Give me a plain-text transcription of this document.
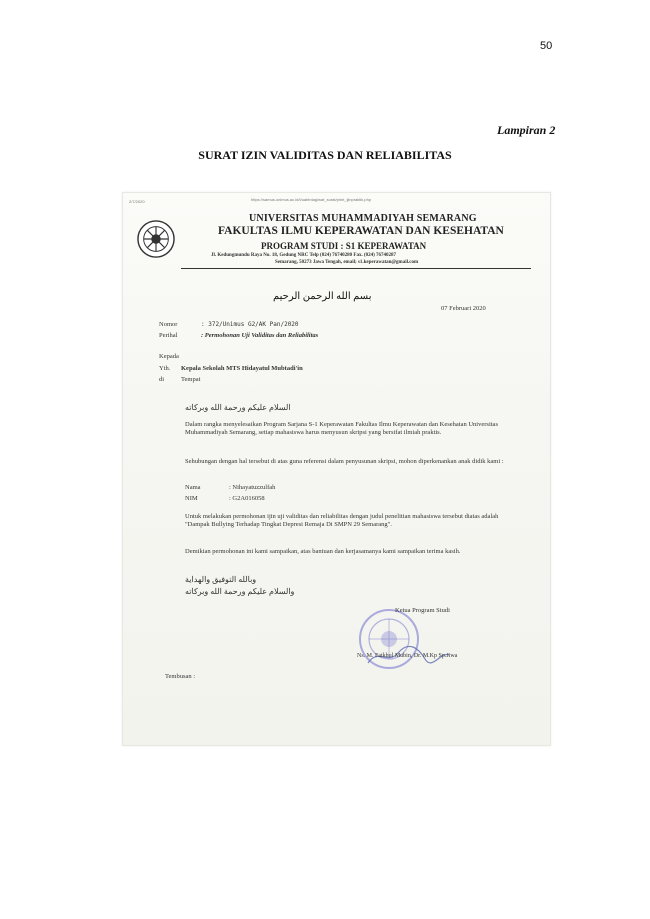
50
Lampiran 2
SURAT IZIN VALIDITAS DAN RELIABILITAS
2/7/2020	https://samus.unimus.ac.id/t/uabtniag/wat_surat/print_ijinpraktik.php
UNIVERSITAS MUHAMMADIYAH SEMARANG
FAKULTAS ILMU KEPERAWATAN DAN KESEHATAN
PROGRAM STUDI : S1 KEPERAWATAN
Jl. Kedungmundu Raya No. 18, Gedung NRC Telp (024) 76740280 Fax. (024) 76740287
Semarang, 50273 Jawa Tengah, email; s1.keperawatan@gmail.com
بسم الله الرحمن الرحيم
07 Februari 2020
Nomor	: 372/Unimus G2/AK Pan/2020
Perihal	: Permohonan Uji Validitas dan Reliabilitas
Kepada
Yth. Kepala Sekolah MTS Hidayatul Mubtadi'in
di	Tempat
السلام عليكم ورحمة الله وبركاته
Dalam rangka menyelesaikan Program Sarjana S-1 Keperawatan Fakultas Ilmu Keperawatan dan Kesehatan Universitas Muhammadiyah Semarang, setiap mahasiswa harus menyusun skripsi yang bersifat ilmiah praktis.
Sehubungan dengan hal tersebut di atas guna referensi dalam penyusunan skripsi, mohon diperkenankan anak didik kami :
Nama	: Nihayatuzzulfah
NIM	: G2A016058
Untuk melakukan permohonan ijin uji validitas dan reliabilitas dengan judul penelitian mahasiswa tersebut diatas adalah "Dampak Bullying Terhadap Tingkat Depresi Remaja Di SMPN 29 Semarang".
Demikian permohonan ini kami sampaikan, atas bantuan dan kerjasamanya kami sampaikan terima kasih.
وبالله التوفيق والهداية
والسلام عليكم ورحمة الله وبركاته
Ketua Program Studi
Ns. M. Fatkhul Mubin, Dr. M.Kp Sp.Jiwa
Tembusan :
